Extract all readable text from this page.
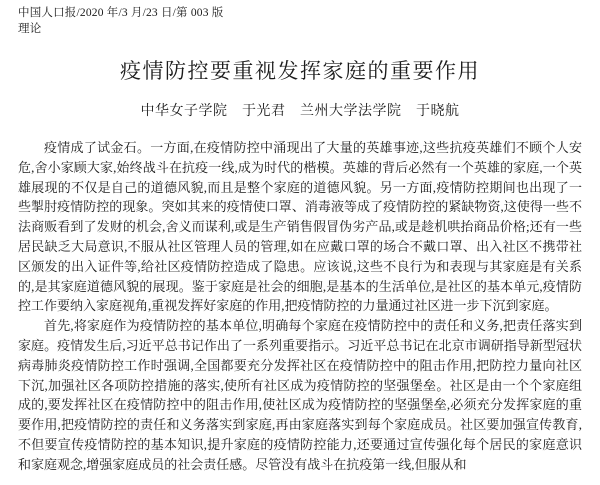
中国人口报/2020 年/3 月/23 日/第 003 版
理论
疫情防控要重视发挥家庭的重要作用
中华女子学院　于光君　兰州大学法学院　于晓航

疫情成了试金石。一方面,在疫情防控中涌现出了大量的英雄事迹,这些抗疫英雄们不顾个人安危,舍小家顾大家,始终战斗在抗疫一线,成为时代的楷模。英雄的背后必然有一个英雄的家庭,一个英雄展现的不仅是自己的道德风貌,而且是整个家庭的道德风貌。另一方面,疫情防控期间也出现了一些掣肘疫情防控的现象。突如其来的疫情使口罩、消毒液等成了疫情防控的紧缺物资,这使得一些不法商贩看到了发财的机会,舍义而谋利,或是生产销售假冒伪劣产品,或是趁机哄抬商品价格;还有一些居民缺乏大局意识,不服从社区管理人员的管理,如在应戴口罩的场合不戴口罩、出入社区不携带社区颁发的出入证件等,给社区疫情防控造成了隐患。应该说,这些不良行为和表现与其家庭是有关系的,是其家庭道德风貌的展现。鉴于家庭是社会的细胞,是基本的生活单位,是社区的基本单元,疫情防控工作要纳入家庭视角,重视发挥好家庭的作用,把疫情防控的力量通过社区进一步下沉到家庭。

首先,将家庭作为疫情防控的基本单位,明确每个家庭在疫情防控中的责任和义务,把责任落实到家庭。疫情发生后,习近平总书记作出了一系列重要指示。习近平总书记在北京市调研指导新型冠状病毒肺炎疫情防控工作时强调,全国都要充分发挥社区在疫情防控中的阻击作用,把防控力量向社区下沉,加强社区各项防控措施的落实,使所有社区成为疫情防控的坚强堡垒。社区是由一个个家庭组成的,要发挥社区在疫情防控中的阻击作用,使社区成为疫情防控的坚强堡垒,必须充分发挥家庭的重要作用,把疫情防控的责任和义务落实到家庭,再由家庭落实到每个家庭成员。社区要加强宣传教育,不但要宣传疫情防控的基本知识,提升家庭的疫情防控能力,还要通过宣传强化每个居民的家庭意识和家庭观念,增强家庭成员的社会责任感。尽管没有战斗在抗疫第一线,但服从和
